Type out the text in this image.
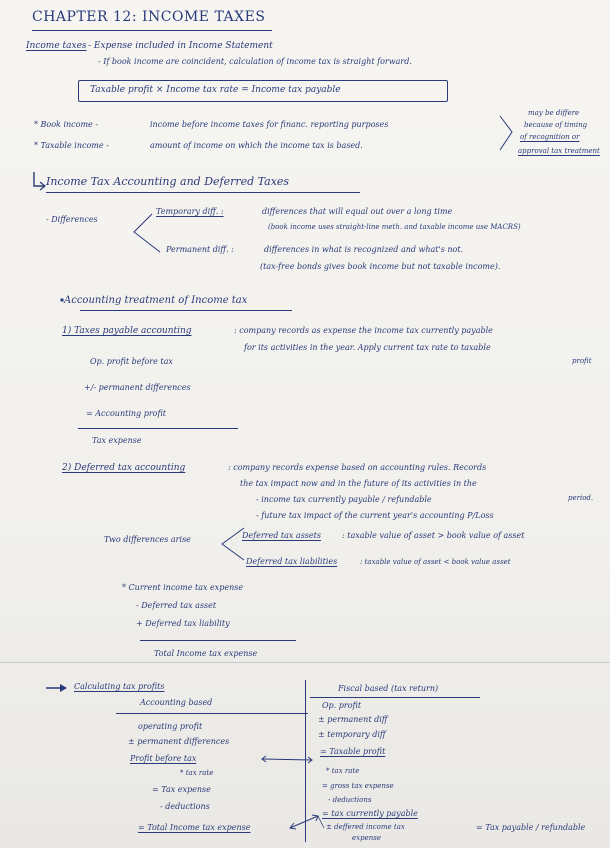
CHAPTER 12: INCOME TAXES
Income taxes - Expense included in Income Statement
- If book income are coincident, calculation of income tax is straight forward.
Taxable profit × Income tax rate = Income tax payable
* Book income -	income before income taxes for financ. reporting purposes
* Taxable income -	amount of income on which the income tax is based.
may be differe
because of timing
of recognition or
approval tax treatment
Income Tax Accounting and Deferred Taxes
- Differences
Temporary diff. :	differences that will equal out over a long time
(book income uses straight-line meth. and taxable income use MACRS)
Permanent diff. :	differences in what is recognized and what's not.
(tax-free bonds gives book income but not taxable income).
Accounting treatment of Income tax
1) Taxes payable accounting	: company records as expense the income tax currently payable
for its activities in the year. Apply current tax rate to taxable
profit
Op. profit before tax
+/- permanent differences
= Accounting profit
Tax expense
2) Deferred tax accounting	: company records expense based on accounting rules. Records
the tax impact now and in the future of its activities in the
period.
- income tax currently payable / refundable
- future tax impact of the current year's accounting P/Loss
Two differences arise	Deferred tax assets	: taxable value of asset > book value of asset
Deferred tax liabilities	: taxable value of asset < book value asset
* Current income tax expense
- Deferred tax asset
+ Deferred tax liability
Total Income tax expense
Calculating tax profits
Accounting based
operating profit
± permanent differences
Profit before tax
* tax rate
= Tax expense
- deductions
= Total Income tax expense
Fiscal based (tax return)
Op. profit
± permanent diff
± temporary diff
= Taxable profit
* tax rate
= gross tax expense
- deductions
= tax currently payable
± deffered income tax
expense
= Tax payable / refundable
